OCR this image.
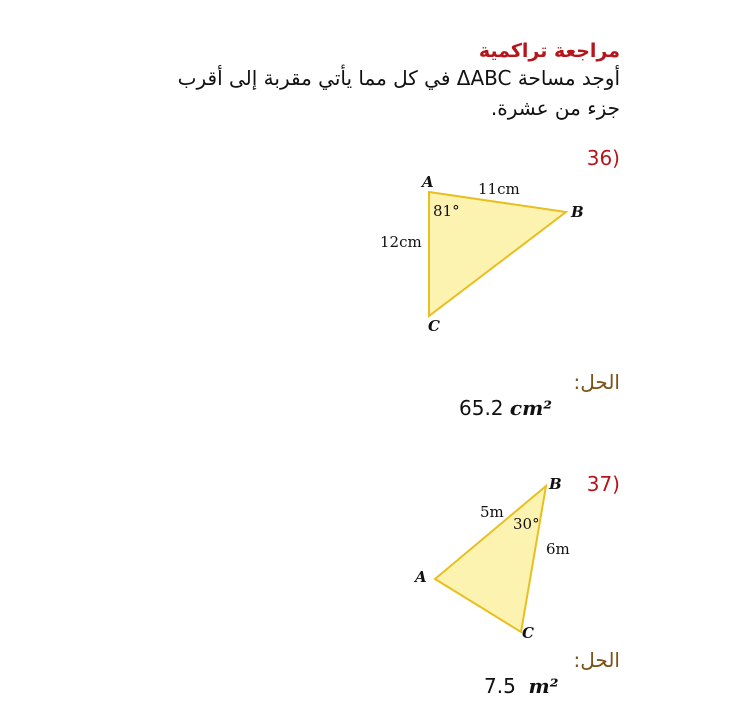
مراجعة تراكمية
أوجد مساحة ΔABC في كل مما يأتي مقربة إلى أقرب
جزء من عشرة.
36)
A
B
C
11cm
12cm
81°
B
A
C
5m
6m
30°
الحل:
65.2 cm²
37)
الحل:
7.5 m²
